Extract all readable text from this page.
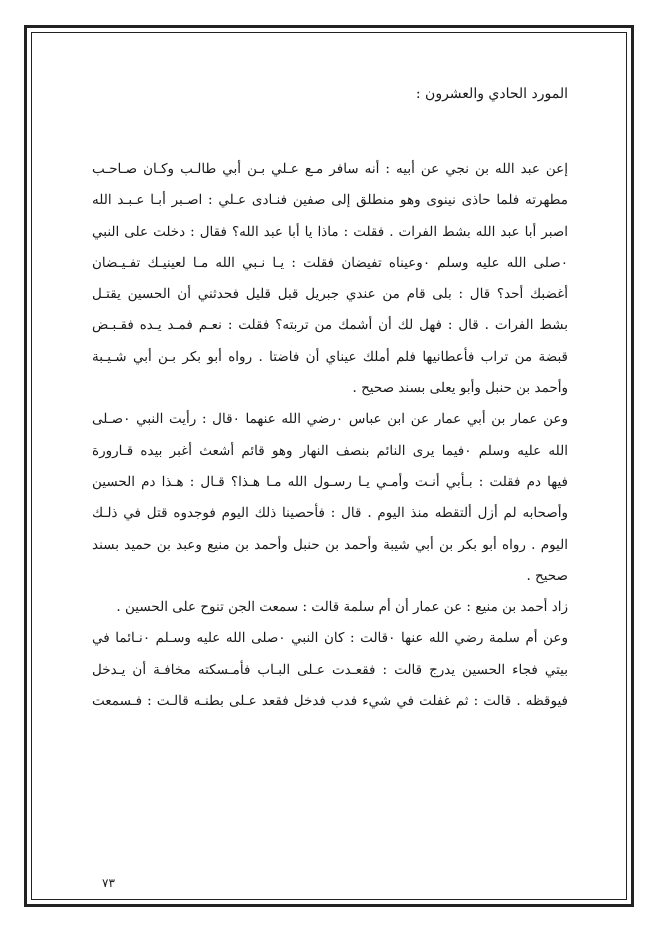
المورد الحادي والعشرون :
إعن عبد الله بن نجي عن أبيه : أنه سافر مـع عـلي بـن أبي طالـب وكـان صـاحـب
مطهرته فلما حاذى نينوى وهو منطلق إلى صفين فنـادى عـلي : اصـبر أبـا عـبـد الله
اصبر أبا عبد الله بشط الفرات . فقلت : ماذا يا أبا عبد الله؟ فقال : دخلت على النبي
٠صلى الله عليه وسلم ٠وعيناه تفيضان فقلت : يـا نـبي الله مـا لعينيـك تفـيـضان
أغضبك أحد؟ قال : بلى قام من عندي جبريل قبل قليل فحدثني أن الحسين يقتـل
بشط الفرات . قال : فهل لك أن أشمك من تربته؟ فقلت : نعـم فمـد يـده فقـبـض
قبضة من تراب فأعطانيها فلم أملك عيناي أن فاضتا . رواه أبو بكر بـن أبي شـيـبة
وأحمد بن حنبل وأبو يعلى بسند صحيح .
وعن عمار بن أبي عمار عن ابن عباس ٠رضي الله عنهما ٠قال : رأيت النبي ٠صـلى
الله عليه وسلم ٠فيما يرى النائم بنصف النهار وهو قائم أشعث أغبر بيده قـارورة
فيها دم فقلت : بـأبي أنـت وأمـي يـا رسـول الله مـا هـذا؟ قـال : هـذا دم الحسين
وأصحابه لم أزل ألتقطه منذ اليوم . قال : فأحصينا ذلك اليوم فوجدوه قتل في ذلـك
اليوم . رواه أبو بكر بن أبي شيبة وأحمد بن حنبل وأحمد بن منيع وعبد بن حميد بسند
صحيح .
زاد أحمد بن منيع : عن عمار أن أم سلمة قالت : سمعت الجن تنوح على الحسين .
وعن أم سلمة رضي الله عنها ٠قالت : كان النبي ٠صلى الله عليه وسـلم ٠نـائما في
بيتي فجاء الحسين يدرج قالت : فقعـدت عـلى البـاب فأمـسكته مخافـة أن يـدخل
فيوقظه . قالت : ثم غفلت في شيء فدب فدخل فقعد عـلى بطنـه قالـت : فـسمعت
٧٣
